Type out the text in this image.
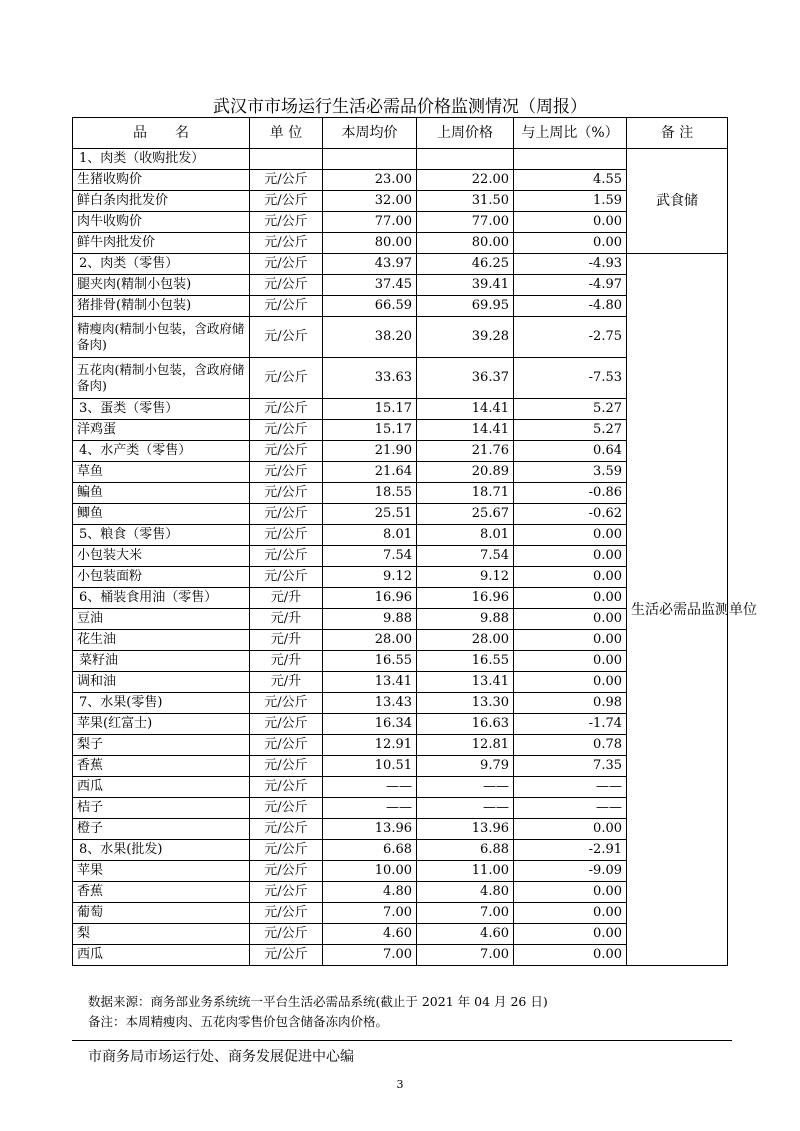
武汉市市场运行生活必需品价格监测情况（周报）
品　　名	单 位	本周均价	上周价格	与上周比（%）	备 注
1、肉类（收购批发）					武食储
生猪收购价	元/公斤	23.00	22.00	4.55	
鲜白条肉批发价	元/公斤	32.00	31.50	1.59	
肉牛收购价	元/公斤	77.00	77.00	0.00	
鲜牛肉批发价	元/公斤	80.00	80.00	0.00	
2、肉类（零售）	元/公斤	43.97	46.25	-4.93	生活必需品监测单位
腿夹肉(精制小包装)	元/公斤	37.45	39.41	-4.97	
猪排骨(精制小包装)	元/公斤	66.59	69.95	-4.80	

精瘦肉(精制小包装，含政府储备肉)	元/公斤	38.20	39.28	-2.75	

五花肉(精制小包装，含政府储备肉)	元/公斤	33.63	36.37	-7.53	
3、蛋类（零售）	元/公斤	15.17	14.41	5.27	
洋鸡蛋	元/公斤	15.17	14.41	5.27	
4、水产类（零售）	元/公斤	21.90	21.76	0.64	
草鱼	元/公斤	21.64	20.89	3.59	
鳊鱼	元/公斤	18.55	18.71	-0.86	
鲫鱼	元/公斤	25.51	25.67	-0.62	
5、粮食（零售）	元/公斤	8.01	8.01	0.00	
小包装大米	元/公斤	7.54	7.54	0.00	
小包装面粉	元/公斤	9.12	9.12	0.00	
6、桶装食用油（零售）	元/升	16.96	16.96	0.00	
豆油	元/升	9.88	9.88	0.00	
花生油	元/升	28.00	28.00	0.00	
菜籽油	元/升	16.55	16.55	0.00	
调和油	元/升	13.41	13.41	0.00	
7、水果(零售)	元/公斤	13.43	13.30	0.98	
苹果(红富士)	元/公斤	16.34	16.63	-1.74	
梨子	元/公斤	12.91	12.81	0.78	
香蕉	元/公斤	10.51	9.79	7.35	
西瓜	元/公斤	——	——	——	
桔子	元/公斤	——	——	——	
橙子	元/公斤	13.96	13.96	0.00	
8、水果(批发)	元/公斤	6.68	6.88	-2.91	
苹果	元/公斤	10.00	11.00	-9.09	
香蕉	元/公斤	4.80	4.80	0.00	
葡萄	元/公斤	7.00	7.00	0.00	
梨	元/公斤	4.60	4.60	0.00	
西瓜	元/公斤	7.00	7.00	0.00	
数据来源：商务部业务系统统一平台生活必需品系统(截止于 2021 年 04 月 26 日)
备注：本周精瘦肉、五花肉零售价包含储备冻肉价格。
市商务局市场运行处、商务发展促进中心编
3
